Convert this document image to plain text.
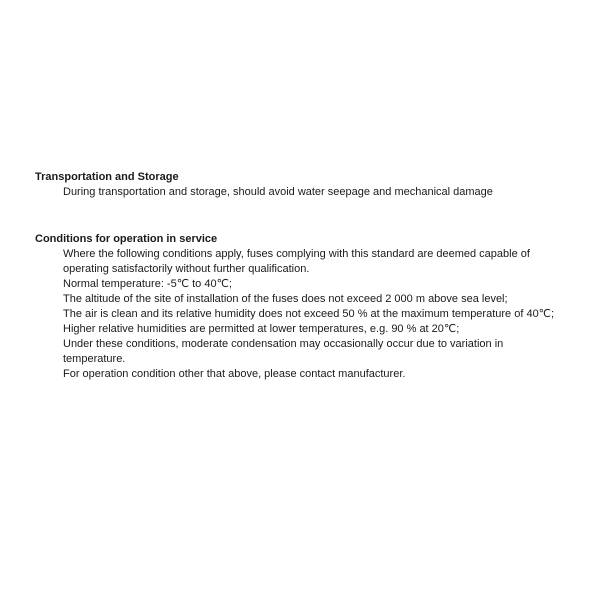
Transportation and Storage

During transportation and storage, should avoid water seepage and mechanical damage

Conditions for operation in service

Where the following conditions apply, fuses complying with this standard are deemed capable of
operating satisfactorily without further qualification.
Normal temperature: -5℃ to 40℃;
The altitude of the site of installation of the fuses does not exceed 2 000 m above sea level;
The air is clean and its relative humidity does not exceed 50 % at the maximum temperature of 40℃;
Higher relative humidities are permitted at lower temperatures, e.g. 90 % at 20℃;
Under these conditions, moderate condensation may occasionally occur due to variation in
temperature.
For operation condition other that above, please contact manufacturer.
